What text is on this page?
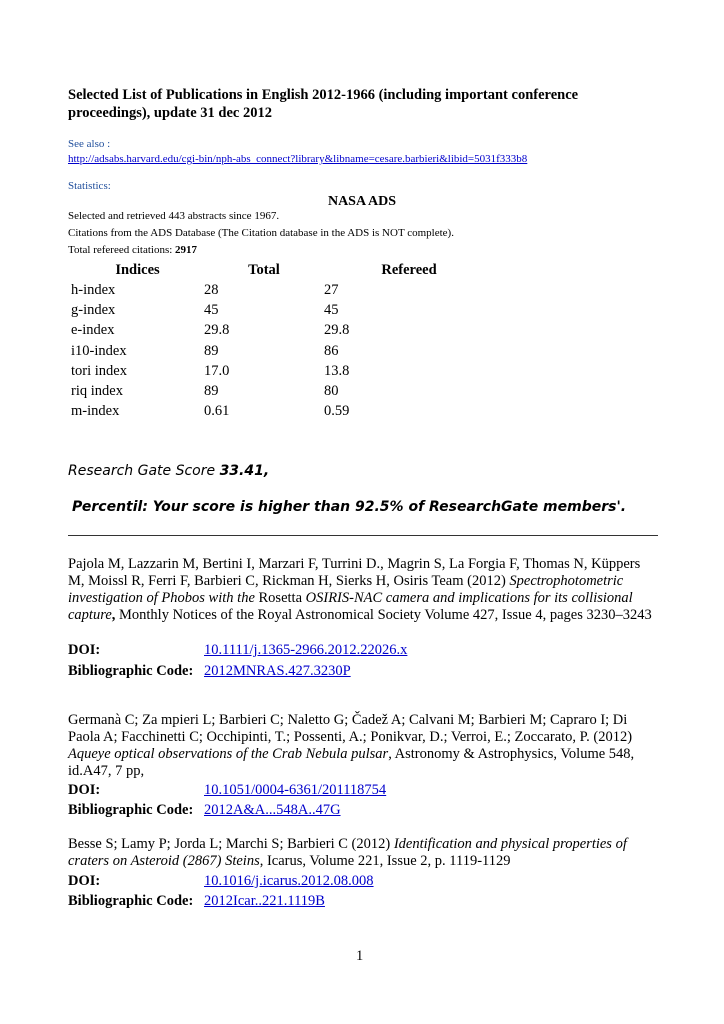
Selected List of Publications in English 2012-1966 (including important conference proceedings), update 31 dec 2012
See also :
http://adsabs.harvard.edu/cgi-bin/nph-abs_connect?library&libname=cesare.barbieri&libid=5031f333b8
Statistics:
NASA ADS
Selected and retrieved 443 abstracts since 1967.
Citations from the ADS Database (The Citation database in the ADS is NOT complete).
Total refereed citations: 2917
Indices	Total	Refereed
h-index	28	27
g-index	45	45
e-index	29.8	29.8
i10-index	89	86
tori index	17.0	13.8
riq index	89	80
m-index	0.61	0.59
Research Gate Score 33.41,
Percentil: Your score is higher than 92.5% of ResearchGate members'.
Pajola M, Lazzarin M, Bertini I, Marzari F, Turrini D., Magrin S, La Forgia F, Thomas N, Küppers M, Moissl R, Ferri F, Barbieri C, Rickman H, Sierks H, Osiris Team (2012) Spectrophotometric investigation of Phobos with the Rosetta OSIRIS-NAC camera and implications for its collisional capture, Monthly Notices of the Royal Astronomical Society Volume 427, Issue 4, pages 3230–3243
DOI:	10.1111/j.1365-2966.2012.22026.x
Bibliographic Code: 2012MNRAS.427.3230P
Germanà C; Za mpieri L; Barbieri C; Naletto G; Čadež A; Calvani M; Barbieri M; Capraro I; Di Paola A; Facchinetti C; Occhipinti, T.; Possenti, A.; Ponikvar, D.; Verroi, E.; Zoccarato, P. (2012) Aqueye optical observations of the Crab Nebula pulsar, Astronomy & Astrophysics, Volume 548, id.A47, 7 pp,
DOI:	10.1051/0004-6361/201118754
Bibliographic Code: 2012A&A...548A..47G
Besse S; Lamy P; Jorda L; Marchi S; Barbieri C (2012) Identification and physical properties of craters on Asteroid (2867) Steins, Icarus, Volume 221, Issue 2, p. 1119-1129
DOI:	10.1016/j.icarus.2012.08.008
Bibliographic Code: 2012Icar..221.1119B
1
